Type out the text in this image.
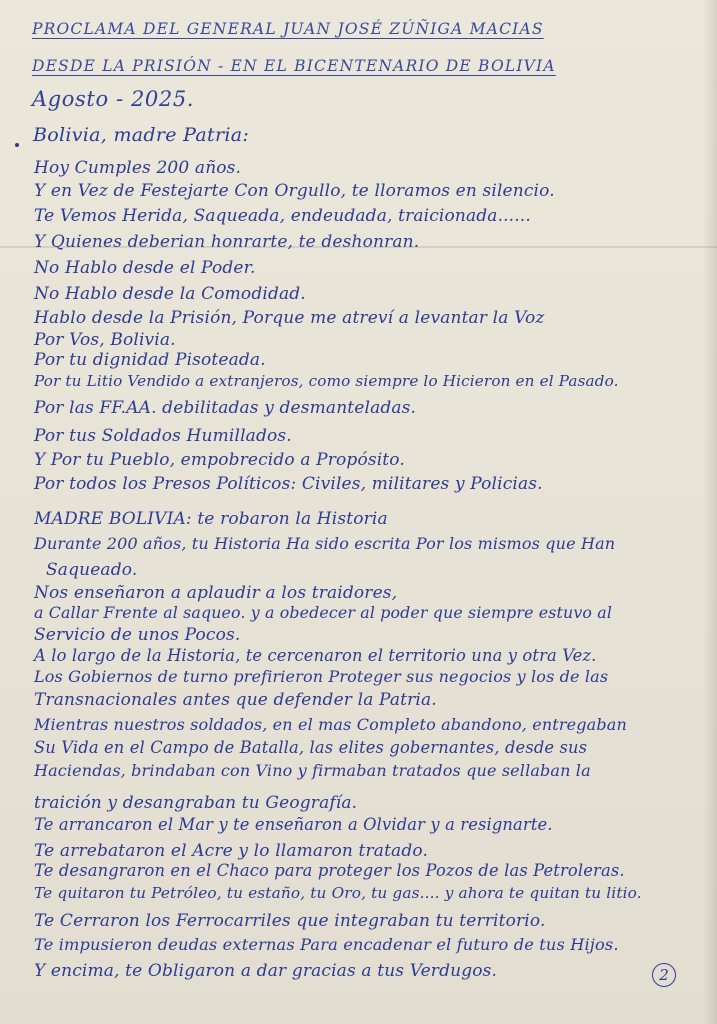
PROCLAMA DEL GENERAL JUAN JOSÉ ZÚÑIGA MACIAS
DESDE LA PRISIÓN - EN EL BICENTENARIO DE BOLIVIA
Agosto - 2025.
Bolivia, madre Patria:
Hoy Cumples 200 años.
Y en Vez de Festejarte Con Orgullo, te lloramos en silencio.
Te Vemos Herida, Saqueada, endeudada, traicionada......
Y Quienes deberian honrarte, te deshonran.
No Hablo desde el Poder.
No Hablo desde la Comodidad.
Hablo desde la Prisión, Porque me atreví a levantar la Voz
Por Vos, Bolivia.
Por tu dignidad Pisoteada.
Por tu Litio Vendido a extranjeros, como siempre lo Hicieron en el Pasado.
Por las FF.AA. debilitadas y desmanteladas.
Por tus Soldados Humillados.
Y Por tu Pueblo, empobrecido a Propósito.
Por todos los Presos Políticos: Civiles, militares y Policias.
MADRE BOLIVIA: te robaron la Historia
Durante 200 años, tu Historia Ha sido escrita Por los mismos que Han
Saqueado.
Nos enseñaron a aplaudir a los traidores,
a Callar Frente al saqueo. y a obedecer al poder que siempre estuvo al
Servicio de unos Pocos.
A lo largo de la Historia, te cercenaron el territorio una y otra Vez.
Los Gobiernos de turno prefirieron Proteger sus negocios y los de las
Transnacionales antes que defender la Patria.
Mientras nuestros soldados, en el mas Completo abandono, entregaban
Su Vida en el Campo de Batalla, las elites gobernantes, desde sus
Haciendas, brindaban con Vino y firmaban tratados que sellaban la
traición y desangraban tu Geografía.
Te arrancaron el Mar y te enseñaron a Olvidar y a resignarte.
Te arrebataron el Acre y lo llamaron tratado.
Te desangraron en el Chaco para proteger los Pozos de las Petroleras.
Te quitaron tu Petróleo, tu estaño, tu Oro, tu gas.... y ahora te quitan tu litio.
Te Cerraron los Ferrocarriles que integraban tu territorio.
Te impusieron deudas externas Para encadenar el futuro de tus Hijos.
Y encima, te Obligaron a dar gracias a tus Verdugos.	2
